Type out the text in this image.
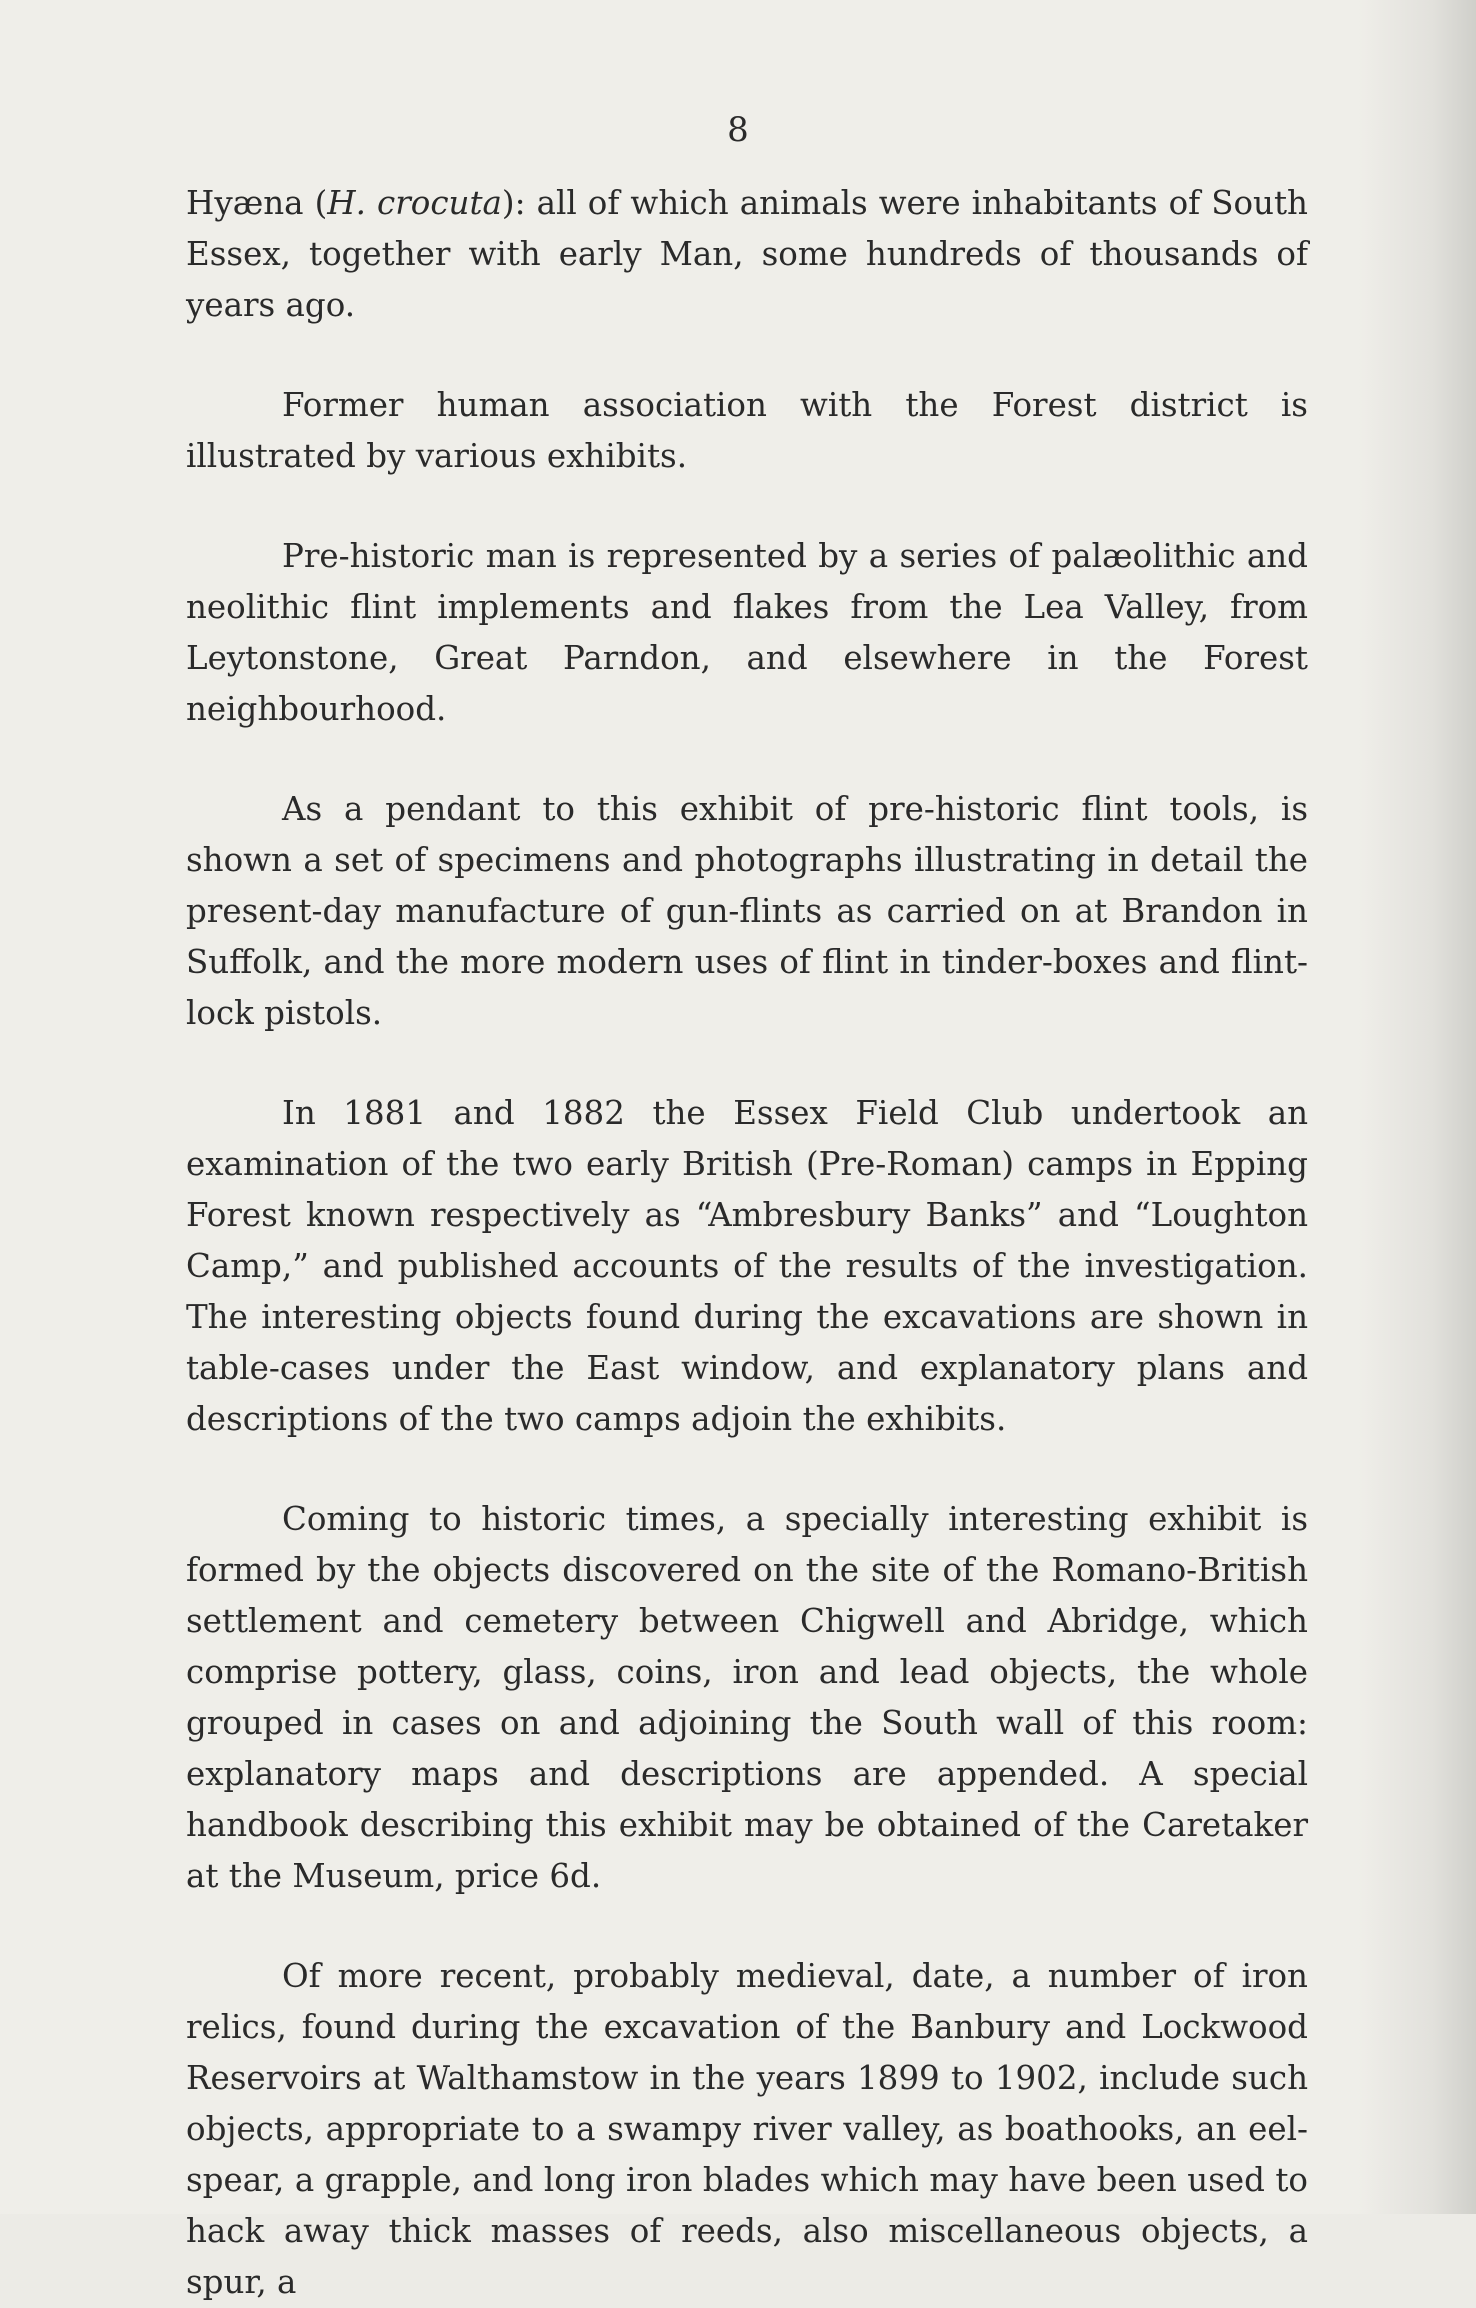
8

Hyæna (H. crocuta): all of which animals were inhabitants of South Essex, together with early Man, some hundreds of thousands of years ago.

Former human association with the Forest district is illustrated by various exhibits.

Pre-historic man is represented by a series of palæolithic and neolithic flint implements and flakes from the Lea Valley, from Leytonstone, Great Parndon, and elsewhere in the Forest neighbourhood.

As a pendant to this exhibit of pre-historic flint tools, is shown a set of specimens and photographs illustrating in detail the present-day manufacture of gun-flints as carried on at Brandon in Suffolk, and the more modern uses of flint in tinder-boxes and flint-lock pistols.

In 1881 and 1882 the Essex Field Club undertook an examination of the two early British (Pre-Roman) camps in Epping Forest known respectively as “Ambresbury Banks” and “Loughton Camp,” and published accounts of the results of the investigation. The interesting objects found during the excavations are shown in table-cases under the East window, and explanatory plans and descriptions of the two camps adjoin the exhibits.

Coming to historic times, a specially interesting exhibit is formed by the objects discovered on the site of the Romano-British settlement and cemetery between Chigwell and Abridge, which comprise pottery, glass, coins, iron and lead objects, the whole grouped in cases on and adjoining the South wall of this room: explanatory maps and descriptions are appended. A special handbook describing this exhibit may be obtained of the Caretaker at the Museum, price 6d.

Of more recent, probably medieval, date, a number of iron relics, found during the excavation of the Banbury and Lockwood Reservoirs at Walthamstow in the years 1899 to 1902, include such objects, appropriate to a swampy river valley, as boathooks, an eel-spear, a grapple, and long iron blades which may have been used to hack away thick masses of reeds, also miscellaneous objects, a spur, a
